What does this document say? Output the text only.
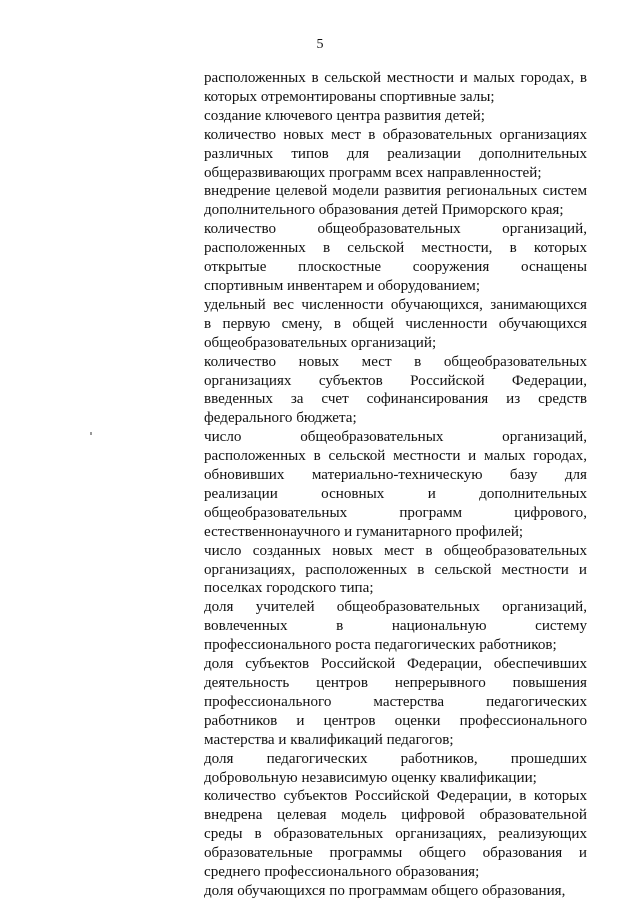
5

расположенных в сельской местности и малых городах, в
которых отремонтированы спортивные залы;

создание ключевого центра развития детей;

количество новых мест в образовательных организациях
различных типов для реализации дополнительных
общеразвивающих программ всех направленностей;

внедрение целевой модели развития региональных систем
дополнительного образования детей Приморского края;

количество общеобразовательных организаций,
расположенных в сельской местности, в которых
открытые плоскостные сооружения оснащены
спортивным инвентарем и оборудованием;

удельный вес численности обучающихся, занимающихся
в первую смену, в общей численности обучающихся
общеобразовательных организаций;

количество новых мест в общеобразовательных
организациях субъектов Российской Федерации,
введенных за счет софинансирования из средств
федерального бюджета;

число общеобразовательных организаций,
расположенных в сельской местности и малых городах,
обновивших материально-техническую базу для
реализации основных и дополнительных
общеобразовательных программ цифрового,
естественнонаучного и гуманитарного профилей;

число созданных новых мест в общеобразовательных
организациях, расположенных в сельской местности и
поселках городского типа;

доля учителей общеобразовательных организаций,
вовлеченных в национальную систему
профессионального роста педагогических работников;

доля субъектов Российской Федерации, обеспечивших
деятельность центров непрерывного повышения
профессионального мастерства педагогических
работников и центров оценки профессионального
мастерства и квалификаций педагогов;

доля педагогических работников, прошедших
добровольную независимую оценку квалификации;

количество субъектов Российской Федерации, в которых
внедрена целевая модель цифровой образовательной
среды в образовательных организациях, реализующих
образовательные программы общего образования и
среднего профессионального образования;

доля обучающихся по программам общего образования,
